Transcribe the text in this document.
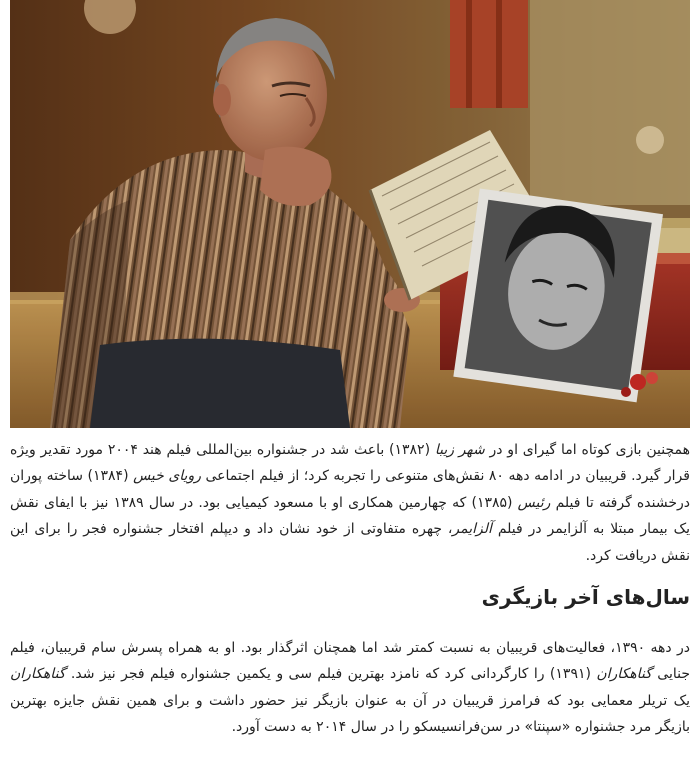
همچنین بازی کوتاه اما گیرای او در شهر زیبا (۱۳۸۲) باعث شد در جشنواره بین‌المللی فیلم هند ۲۰۰۴ مورد تقدیر ویژه قرار گیرد. قریبیان در ادامه دهه ۸۰ نقش‌های متنوعی را تجربه کرد؛ از فیلم اجتماعی رویای خیس (۱۳۸۴) ساخته پوران درخشنده گرفته تا فیلم رئیس (۱۳۸۵) که چهارمین همکاری او با مسعود کیمیایی بود. در سال ۱۳۸۹ نیز با ایفای نقش یک بیمار مبتلا به آلزایمر در فیلم آلزایمر، چهره متفاوتی از خود نشان داد و دیپلم افتخار جشنواره فجر را برای این نقش دریافت کرد.

سال‌های آخر بازیگری

در دهه ۱۳۹۰، فعالیت‌های قریبیان به نسبت کمتر شد اما همچنان اثرگذار بود. او به همراه پسرش سام قریبیان، فیلم جنایی گناهکاران (۱۳۹۱) را کارگردانی کرد که نامزد بهترین فیلم سی و یکمین جشنواره فیلم فجر نیز شد. گناهکاران یک تریلر معمایی بود که فرامرز قریبیان در آن به عنوان بازیگر نیز حضور داشت و برای همین نقش جایزه بهترین بازیگر مرد جشنواره «سپنتا» در سن‌فرانسیسکو را در سال ۲۰۱۴ به دست آورد.
